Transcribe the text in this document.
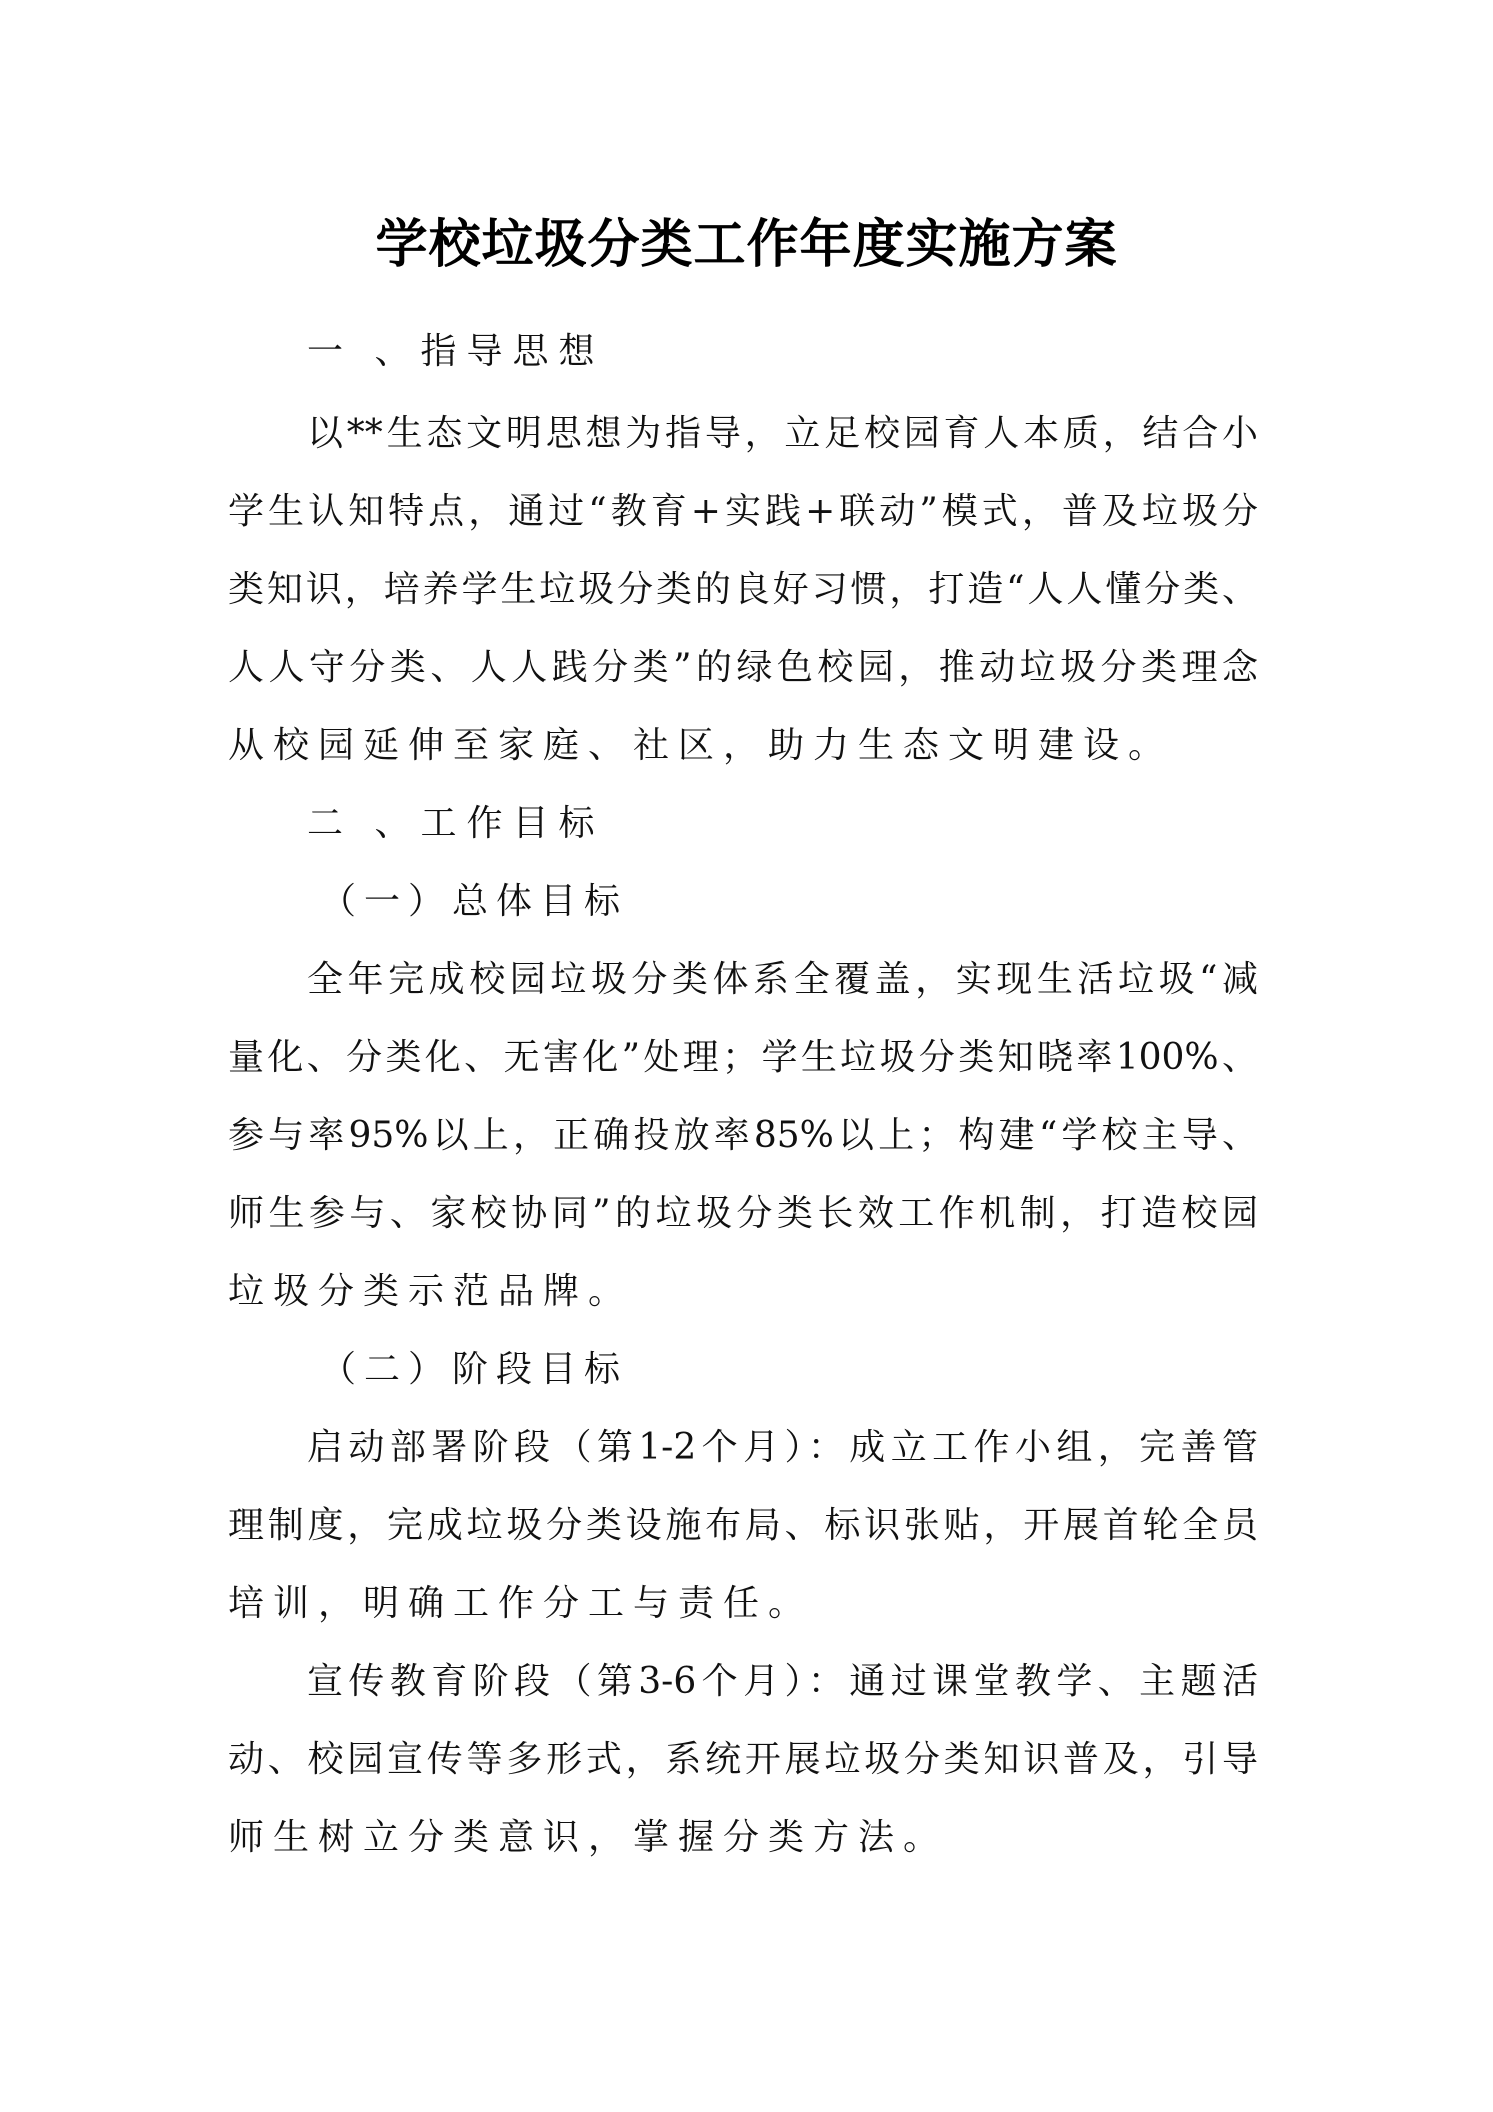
学校垃圾分类工作年度实施方案
一 、指导思想
以**生态文明思想为指导，立足校园育人本质，结合小
学生认知特点，通过“教育+实践+联动”模式，普及垃圾分
类知识，培养学生垃圾分类的良好习惯，打造“人人懂分类、
人人守分类、人人践分类”的绿色校园，推动垃圾分类理念
从校园延伸至家庭、社区，助力生态文明建设。
二 、工作目标
（一）总体目标
全年完成校园垃圾分类体系全覆盖，实现生活垃圾“减
量化、分类化、无害化”处理；学生垃圾分类知晓率100%、
参与率95%以上，正确投放率85%以上；构建“学校主导、
师生参与、家校协同”的垃圾分类长效工作机制，打造校园
垃圾分类示范品牌。
（二）阶段目标
启动部署阶段（第1-2个月）：成立工作小组，完善管
理制度，完成垃圾分类设施布局、标识张贴，开展首轮全员
培训，明确工作分工与责任。
宣传教育阶段（第3-6个月）：通过课堂教学、主题活
动、校园宣传等多形式，系统开展垃圾分类知识普及，引导
师生树立分类意识，掌握分类方法。
